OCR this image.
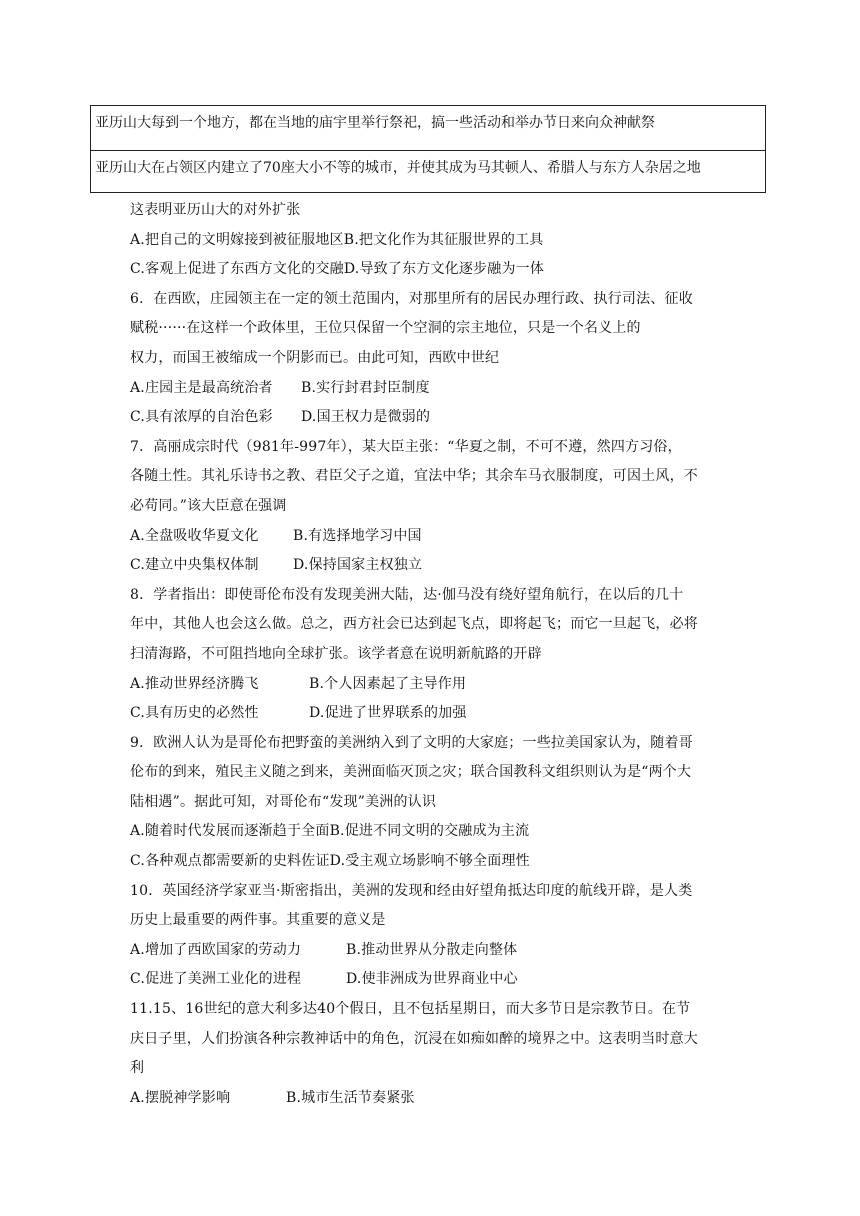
亚历山大每到一个地方，都在当地的庙宇里举行祭祀，搞一些活动和举办节日来向众神献祭
亚历山大在占领区内建立了70座大小不等的城市，并使其成为马其顿人、希腊人与东方人杂居之地
这表明亚历山大的对外扩张
A.把自己的文明嫁接到被征服地区B.把文化作为其征服世界的工具
C.客观上促进了东西方文化的交融D.导致了东方文化逐步融为一体
6．在西欧，庄园领主在一定的领土范围内，对那里所有的居民办理行政、执行司法、征收
赋税······在这样一个政体里，王位只保留一个空洞的宗主地位，只是一个名义上的
权力，而国王被缩成一个阴影而已。由此可知，西欧中世纪
A.庄园主是最高统治者 B.实行封君封臣制度
C.具有浓厚的自治色彩 D.国王权力是微弱的
7．高丽成宗时代（981年-997年），某大臣主张：“华夏之制，不可不遵，然四方习俗，
各随土性。其礼乐诗书之教、君臣父子之道，宜法中华；其余车马衣服制度，可因土风，不
必苟同。”该大臣意在强调
A.全盘吸收华夏文化 B.有选择地学习中国
C.建立中央集权体制 D.保持国家主权独立
8．学者指出：即使哥伦布没有发现美洲大陆，达·伽马没有绕好望角航行，在以后的几十
年中，其他人也会这么做。总之，西方社会已达到起飞点，即将起飞；而它一旦起飞，必将
扫清海路，不可阻挡地向全球扩张。该学者意在说明新航路的开辟
A.推动世界经济腾飞	B.个人因素起了主导作用
C.具有历史的必然性	D.促进了世界联系的加强
9．欧洲人认为是哥伦布把野蛮的美洲纳入到了文明的大家庭；一些拉美国家认为，随着哥
伦布的到来，殖民主义随之到来，美洲面临灭顶之灾；联合国教科文组织则认为是“两个大
陆相遇”。据此可知，对哥伦布“发现”美洲的认识
A.随着时代发展而逐渐趋于全面B.促进不同文明的交融成为主流
C.各种观点都需要新的史料佐证D.受主观立场影响不够全面理性
10．英国经济学家亚当·斯密指出，美洲的发现和经由好望角抵达印度的航线开辟，是人类
历史上最重要的两件事。其重要的意义是
A.增加了西欧国家的劳动力	B.推动世界从分散走向整体
C.促进了美洲工业化的进程	D.使非洲成为世界商业中心
11.15、16世纪的意大利多达40个假日，且不包括星期日，而大多节日是宗教节日。在节
庆日子里，人们扮演各种宗教神话中的角色，沉浸在如痴如醉的境界之中。这表明当时意大
利
A.摆脱神学影响	B.城市生活节奏紧张
